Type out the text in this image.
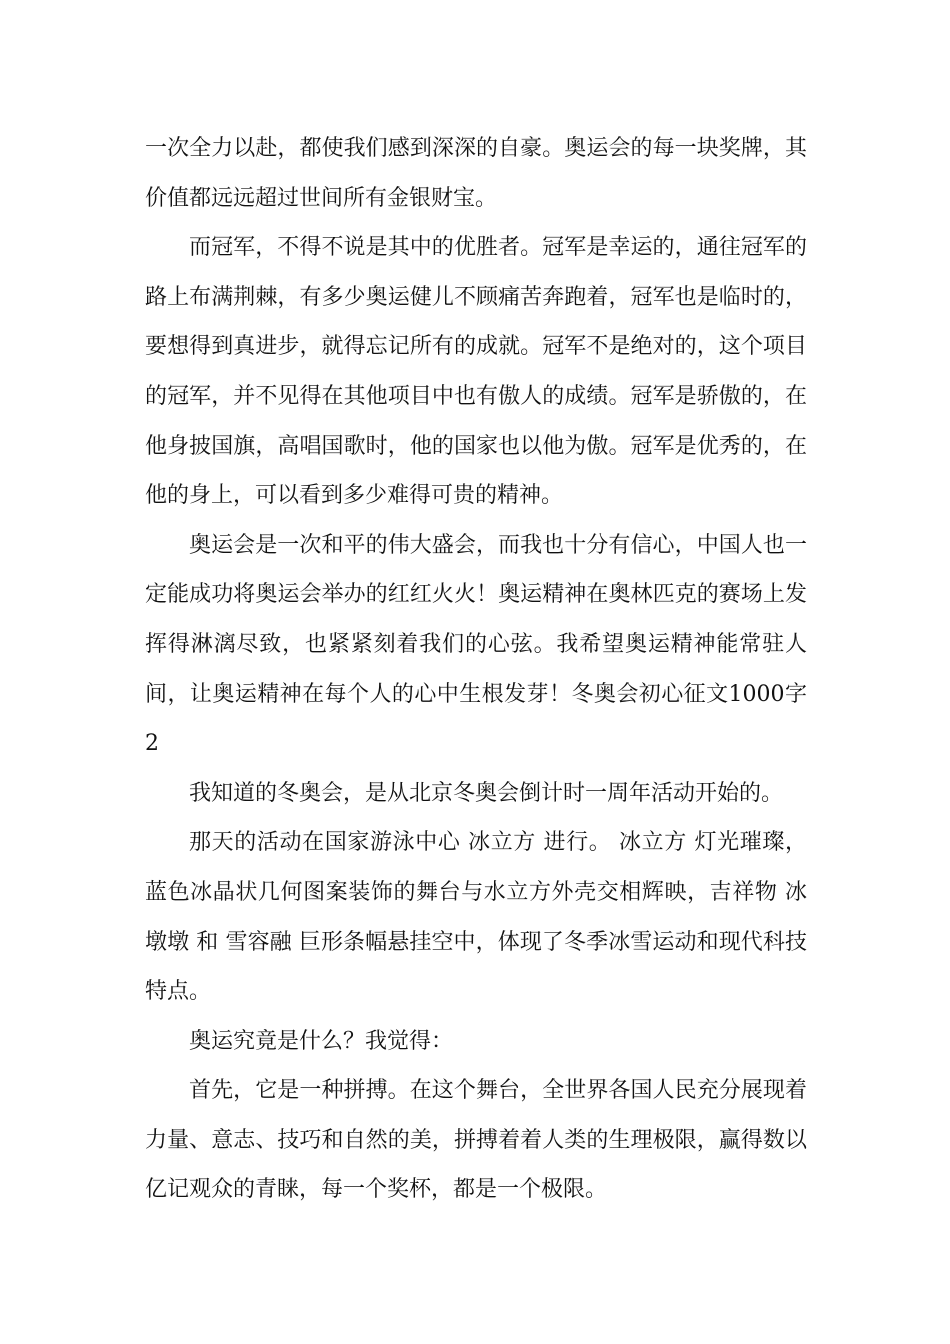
一次全力以赴，都使我们感到深深的自豪。奥运会的每一块奖牌，其价值都远远超过世间所有金银财宝。

而冠军，不得不说是其中的优胜者。冠军是幸运的，通往冠军的路上布满荆棘，有多少奥运健儿不顾痛苦奔跑着，冠军也是临时的，要想得到真进步，就得忘记所有的成就。冠军不是绝对的，这个项目的冠军，并不见得在其他项目中也有傲人的成绩。冠军是骄傲的，在他身披国旗，高唱国歌时，他的国家也以他为傲。冠军是优秀的，在他的身上，可以看到多少难得可贵的精神。

奥运会是一次和平的伟大盛会，而我也十分有信心，中国人也一定能成功将奥运会举办的红红火火！奥运精神在奥林匹克的赛场上发挥得淋漓尽致，也紧紧刻着我们的心弦。我希望奥运精神能常驻人间，让奥运精神在每个人的心中生根发芽！冬奥会初心征文1000字2

我知道的冬奥会，是从北京冬奥会倒计时一周年活动开始的。

那天的活动在国家游泳中心 冰立方 进行。 冰立方 灯光璀璨，蓝色冰晶状几何图案装饰的舞台与水立方外壳交相辉映，吉祥物 冰墩墩 和 雪容融 巨形条幅悬挂空中，体现了冬季冰雪运动和现代科技特点。

奥运究竟是什么？我觉得：

首先，它是一种拼搏。在这个舞台，全世界各国人民充分展现着力量、意志、技巧和自然的美，拼搏着着人类的生理极限，赢得数以亿记观众的青睐，每一个奖杯，都是一个极限。
